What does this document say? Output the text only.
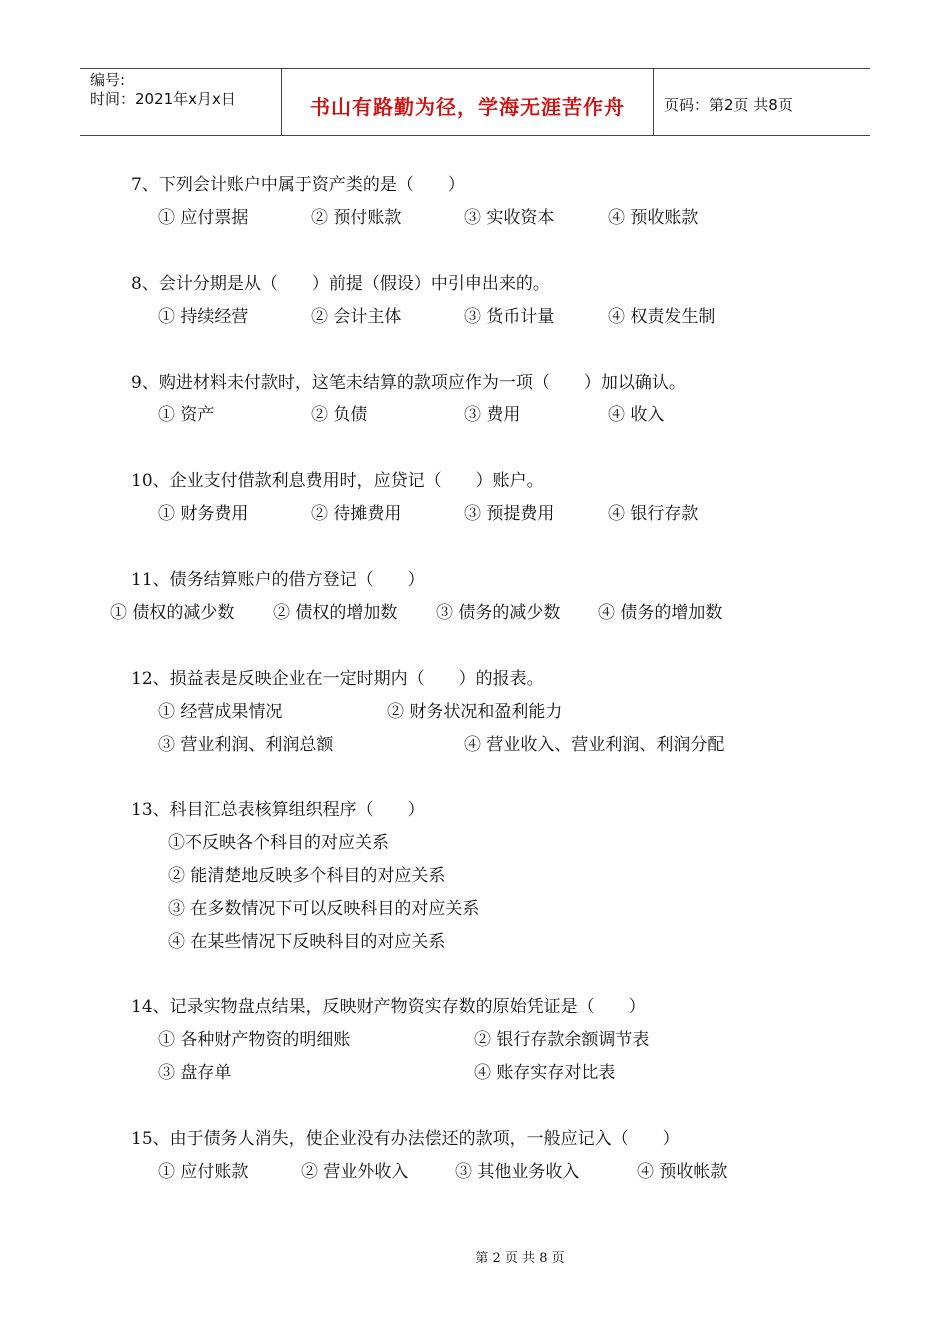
编号:
时间：2021年x月x日	书山有路勤为径，学海无涯苦作舟	页码：第2页 共8页
7、下列会计账户中属于资产类的是（　　）
① 应付票据	② 预付账款	③ 实收资本	④ 预收账款
8、会计分期是从（　　）前提（假设）中引申出来的。
① 持续经营	② 会计主体	③ 货币计量	④ 权责发生制
9、购进材料未付款时，这笔未结算的款项应作为一项（　　）加以确认。
① 资产	② 负债	③ 费用	④ 收入
10、企业支付借款利息费用时，应贷记（　　）账户。
① 财务费用	② 待摊费用	③ 预提费用	④ 银行存款
11、债务结算账户的借方登记（　　）
① 债权的减少数 ② 债权的增加数 ③ 债务的减少数 ④ 债务的增加数
12、损益表是反映企业在一定时期内（　　）的报表。
① 经营成果情况	② 财务状况和盈利能力
③ 营业利润、利润总额	④ 营业收入、营业利润、利润分配
13、科目汇总表核算组织程序（　　）
①不反映各个科目的对应关系
② 能清楚地反映多个科目的对应关系
③ 在多数情况下可以反映科目的对应关系
④ 在某些情况下反映科目的对应关系
14、记录实物盘点结果，反映财产物资实存数的原始凭证是（　　）
① 各种财产物资的明细账	② 银行存款余额调节表
③ 盘存单	④ 账存实存对比表
15、由于债务人消失，使企业没有办法偿还的款项，一般应记入（　　）
① 应付账款	② 营业外收入	③ 其他业务收入	④ 预收帐款
第 2 页 共 8 页
